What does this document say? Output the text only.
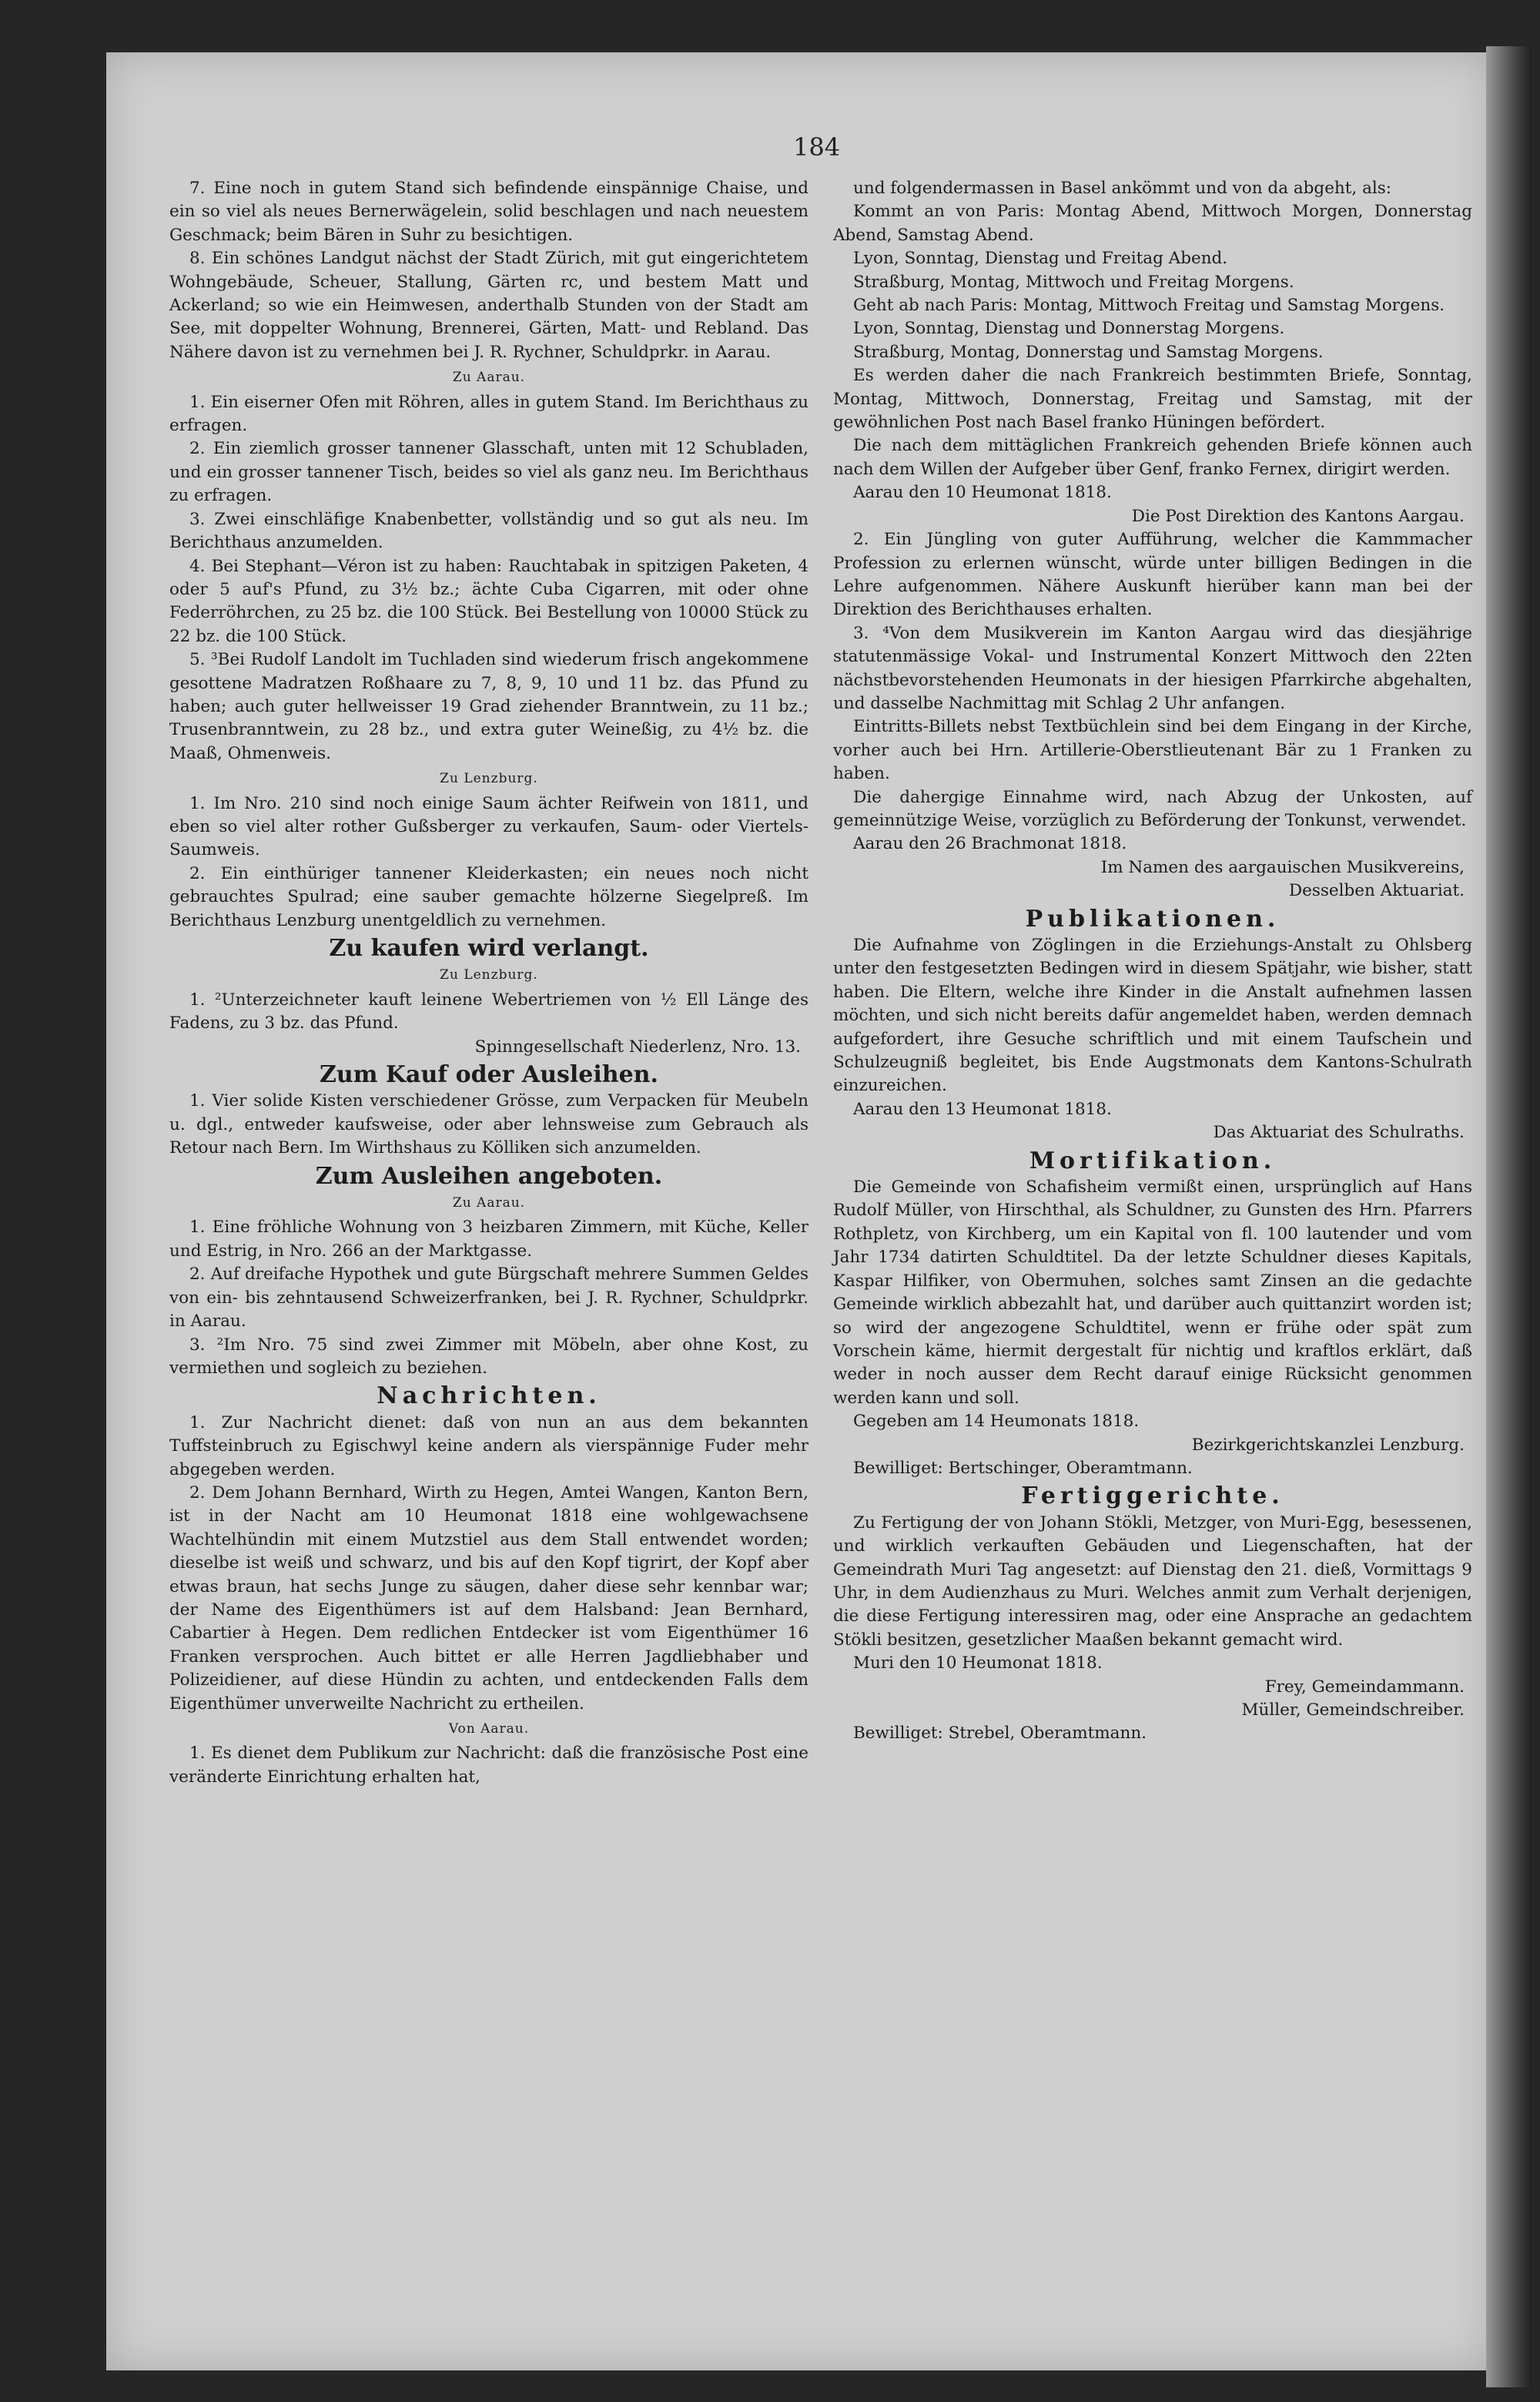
184
7. Eine noch in gutem Stand sich befindende einspännige Chaise, und ein so viel als neues Bernerwägelein, solid beschlagen und nach neuestem Geschmack; beim Bären in Suhr zu besichtigen.
8. Ein schönes Landgut nächst der Stadt Zürich, mit gut eingerichtetem Wohngebäude, Scheuer, Stallung, Gärten rc, und bestem Matt und Ackerland; so wie ein Heimwesen, anderthalb Stunden von der Stadt am See, mit doppelter Wohnung, Brennerei, Gärten, Matt- und Rebland. Das Nähere davon ist zu vernehmen bei J. R. Rychner, Schuldprkr. in Aarau.
Zu Aarau.
1. Ein eiserner Ofen mit Röhren, alles in gutem Stand. Im Berichthaus zu erfragen.
2. Ein ziemlich grosser tannener Glasschaft, unten mit 12 Schubladen, und ein grosser tannener Tisch, beides so viel als ganz neu. Im Berichthaus zu erfragen.
3. Zwei einschläfige Knabenbetter, vollständig und so gut als neu. Im Berichthaus anzumelden.
4. Bei Stephant—Véron ist zu haben: Rauchtabak in spitzigen Paketen, 4 oder 5 auf's Pfund, zu 3½ bz.; ächte Cuba Cigarren, mit oder ohne Federröhrchen, zu 25 bz. die 100 Stück. Bei Bestellung von 10000 Stück zu 22 bz. die 100 Stück.
5. ³Bei Rudolf Landolt im Tuchladen sind wiederum frisch angekommene gesottene Madratzen Roßhaare zu 7, 8, 9, 10 und 11 bz. das Pfund zu haben; auch guter hellweisser 19 Grad ziehender Branntwein, zu 11 bz.; Trusenbranntwein, zu 28 bz., und extra guter Weineßig, zu 4½ bz. die Maaß, Ohmenweis.
Zu Lenzburg.
1. Im Nro. 210 sind noch einige Saum ächter Reifwein von 1811, und eben so viel alter rother Gußsberger zu verkaufen, Saum- oder Viertels-Saumweis.
2. Ein einthüriger tannener Kleiderkasten; ein neues noch nicht gebrauchtes Spulrad; eine sauber gemachte hölzerne Siegelpreß. Im Berichthaus Lenzburg unentgeldlich zu vernehmen.
Zu kaufen wird verlangt.
Zu Lenzburg.
1. ²Unterzeichneter kauft leinene Webertriemen von ½ Ell Länge des Fadens, zu 3 bz. das Pfund.
Spinngesellschaft Niederlenz, Nro. 13.
Zum Kauf oder Ausleihen.
1. Vier solide Kisten verschiedener Grösse, zum Verpacken für Meubeln u. dgl., entweder kaufsweise, oder aber lehnsweise zum Gebrauch als Retour nach Bern. Im Wirthshaus zu Kölliken sich anzumelden.
Zum Ausleihen angeboten.
Zu Aarau.
1. Eine fröhliche Wohnung von 3 heizbaren Zimmern, mit Küche, Keller und Estrig, in Nro. 266 an der Marktgasse.
2. Auf dreifache Hypothek und gute Bürgschaft mehrere Summen Geldes von ein- bis zehntausend Schweizerfranken, bei J. R. Rychner, Schuldprkr. in Aarau.
3. ²Im Nro. 75 sind zwei Zimmer mit Möbeln, aber ohne Kost, zu vermiethen und sogleich zu beziehen.
Nachrichten.
1. Zur Nachricht dienet: daß von nun an aus dem bekannten Tuffsteinbruch zu Egischwyl keine andern als vierspännige Fuder mehr abgegeben werden.
2. Dem Johann Bernhard, Wirth zu Hegen, Amtei Wangen, Kanton Bern, ist in der Nacht am 10 Heumonat 1818 eine wohlgewachsene Wachtelhündin mit einem Mutzstiel aus dem Stall entwendet worden; dieselbe ist weiß und schwarz, und bis auf den Kopf tigrirt, der Kopf aber etwas braun, hat sechs Junge zu säugen, daher diese sehr kennbar war; der Name des Eigenthümers ist auf dem Halsband: Jean Bernhard, Cabartier à Hegen. Dem redlichen Entdecker ist vom Eigenthümer 16 Franken versprochen. Auch bittet er alle Herren Jagdliebhaber und Polizeidiener, auf diese Hündin zu achten, und entdeckenden Falls dem Eigenthümer unverweilte Nachricht zu ertheilen.
Von Aarau.
1. Es dienet dem Publikum zur Nachricht: daß die französische Post eine veränderte Einrichtung erhalten hat,
und folgendermassen in Basel ankömmt und von da abgeht, als:
Kommt an von Paris: Montag Abend, Mittwoch Morgen, Donnerstag Abend, Samstag Abend.
Lyon, Sonntag, Dienstag und Freitag Abend.
Straßburg, Montag, Mittwoch und Freitag Morgens.
Geht ab nach Paris: Montag, Mittwoch Freitag und Samstag Morgens.
Lyon, Sonntag, Dienstag und Donnerstag Morgens.
Straßburg, Montag, Donnerstag und Samstag Morgens.
Es werden daher die nach Frankreich bestimmten Briefe, Sonntag, Montag, Mittwoch, Donnerstag, Freitag und Samstag, mit der gewöhnlichen Post nach Basel franko Hüningen befördert.
Die nach dem mittäglichen Frankreich gehenden Briefe können auch nach dem Willen der Aufgeber über Genf, franko Fernex, dirigirt werden.
Aarau den 10 Heumonat 1818.
Die Post Direktion des Kantons Aargau.
2. Ein Jüngling von guter Aufführung, welcher die Kammmacher Profession zu erlernen wünscht, würde unter billigen Bedingen in die Lehre aufgenommen. Nähere Auskunft hierüber kann man bei der Direktion des Berichthauses erhalten.
3. ⁴Von dem Musikverein im Kanton Aargau wird das diesjährige statutenmässige Vokal- und Instrumental Konzert Mittwoch den 22ten nächstbevorstehenden Heumonats in der hiesigen Pfarrkirche abgehalten, und dasselbe Nachmittag mit Schlag 2 Uhr anfangen.
Eintritts-Billets nebst Textbüchlein sind bei dem Eingang in der Kirche, vorher auch bei Hrn. Artillerie-Oberstlieutenant Bär zu 1 Franken zu haben.
Die dahergige Einnahme wird, nach Abzug der Unkosten, auf gemeinnützige Weise, vorzüglich zu Beförderung der Tonkunst, verwendet.
Aarau den 26 Brachmonat 1818.
Im Namen des aargauischen Musikvereins,
Desselben Aktuariat.
Publikationen.
Die Aufnahme von Zöglingen in die Erziehungs-Anstalt zu Ohlsberg unter den festgesetzten Bedingen wird in diesem Spätjahr, wie bisher, statt haben. Die Eltern, welche ihre Kinder in die Anstalt aufnehmen lassen möchten, und sich nicht bereits dafür angemeldet haben, werden demnach aufgefordert, ihre Gesuche schriftlich und mit einem Taufschein und Schulzeugniß begleitet, bis Ende Augstmonats dem Kantons-Schulrath einzureichen.
Aarau den 13 Heumonat 1818.
Das Aktuariat des Schulraths.
Mortifikation.
Die Gemeinde von Schafisheim vermißt einen, ursprünglich auf Hans Rudolf Müller, von Hirschthal, als Schuldner, zu Gunsten des Hrn. Pfarrers Rothpletz, von Kirchberg, um ein Kapital von fl. 100 lautender und vom Jahr 1734 datirten Schuldtitel. Da der letzte Schuldner dieses Kapitals, Kaspar Hilfiker, von Obermuhen, solches samt Zinsen an die gedachte Gemeinde wirklich abbezahlt hat, und darüber auch quittanzirt worden ist; so wird der angezogene Schuldtitel, wenn er frühe oder spät zum Vorschein käme, hiermit dergestalt für nichtig und kraftlos erklärt, daß weder in noch ausser dem Recht darauf einige Rücksicht genommen werden kann und soll.
Gegeben am 14 Heumonats 1818.
Bezirkgerichtskanzlei Lenzburg.
Bewilliget: Bertschinger, Oberamtmann.
Fertiggerichte.
Zu Fertigung der von Johann Stökli, Metzger, von Muri-Egg, besessenen, und wirklich verkauften Gebäuden und Liegenschaften, hat der Gemeindrath Muri Tag angesetzt: auf Dienstag den 21. dieß, Vormittags 9 Uhr, in dem Audienzhaus zu Muri. Welches anmit zum Verhalt derjenigen, die diese Fertigung interessiren mag, oder eine Ansprache an gedachtem Stökli besitzen, gesetzlicher Maaßen bekannt gemacht wird.
Muri den 10 Heumonat 1818.
Frey, Gemeindammann.
Müller, Gemeindschreiber.
Bewilliget: Strebel, Oberamtmann.
